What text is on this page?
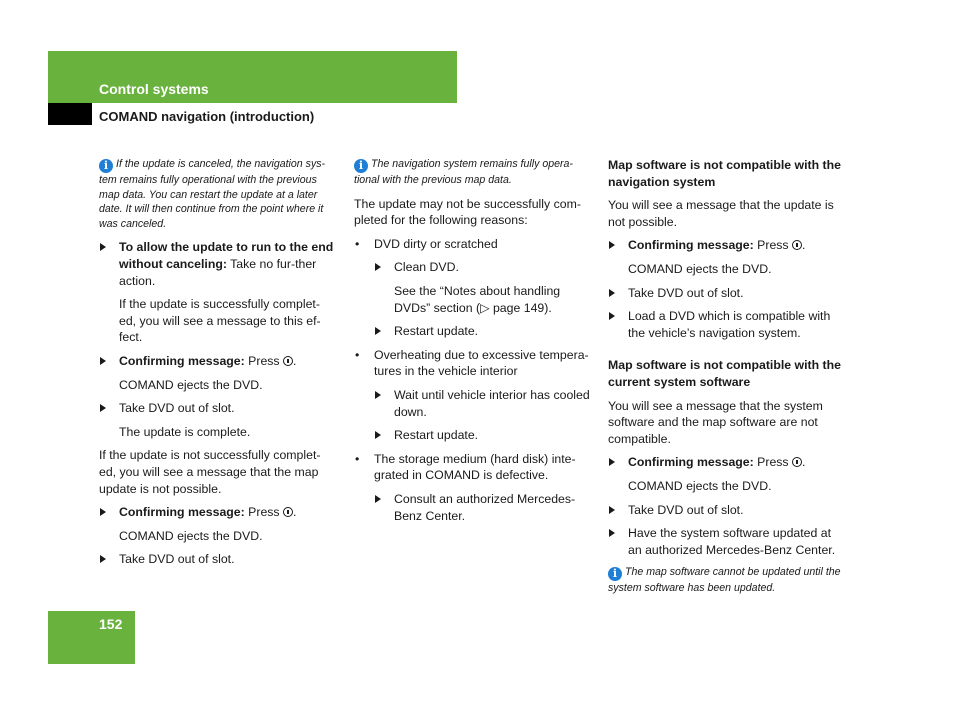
Control systems
COMAND navigation (introduction)

i If the update is canceled, the navigation sys-tem remains fully operational with the previous map data. You can restart the update at a later date. It will then continue from the point where it was canceled.

To allow the update to run to the end without canceling: Take no fur-ther action.

If the update is successfully complet-ed, you will see a message to this ef-fect.

Confirming message: Press .

COMAND ejects the DVD.

Take DVD out of slot.

The update is complete.

If the update is not successfully complet-ed, you will see a message that the map update is not possible.

Confirming message: Press .

COMAND ejects the DVD.

Take DVD out of slot.

i The navigation system remains fully opera-tional with the previous map data.

The update may not be successfully com-pleted for the following reasons:

• DVD dirty or scratched

Clean DVD.

See the “Notes about handling DVDs” section (▷ page 149).

Restart update.

• Overheating due to excessive tempera-tures in the vehicle interior

Wait until vehicle interior has cooled down.

Restart update.

• The storage medium (hard disk) inte-grated in COMAND is defective.

Consult an authorized Mercedes-Benz Center.

Map software is not compatible with the navigation system

You will see a message that the update is not possible.

Confirming message: Press .

COMAND ejects the DVD.

Take DVD out of slot.

Load a DVD which is compatible with the vehicle’s navigation system.

Map software is not compatible with the current system software

You will see a message that the system software and the map software are not compatible.

Confirming message: Press .

COMAND ejects the DVD.

Take DVD out of slot.

Have the system software updated at an authorized Mercedes-Benz Center.

i The map software cannot be updated until the system software has been updated.

152
